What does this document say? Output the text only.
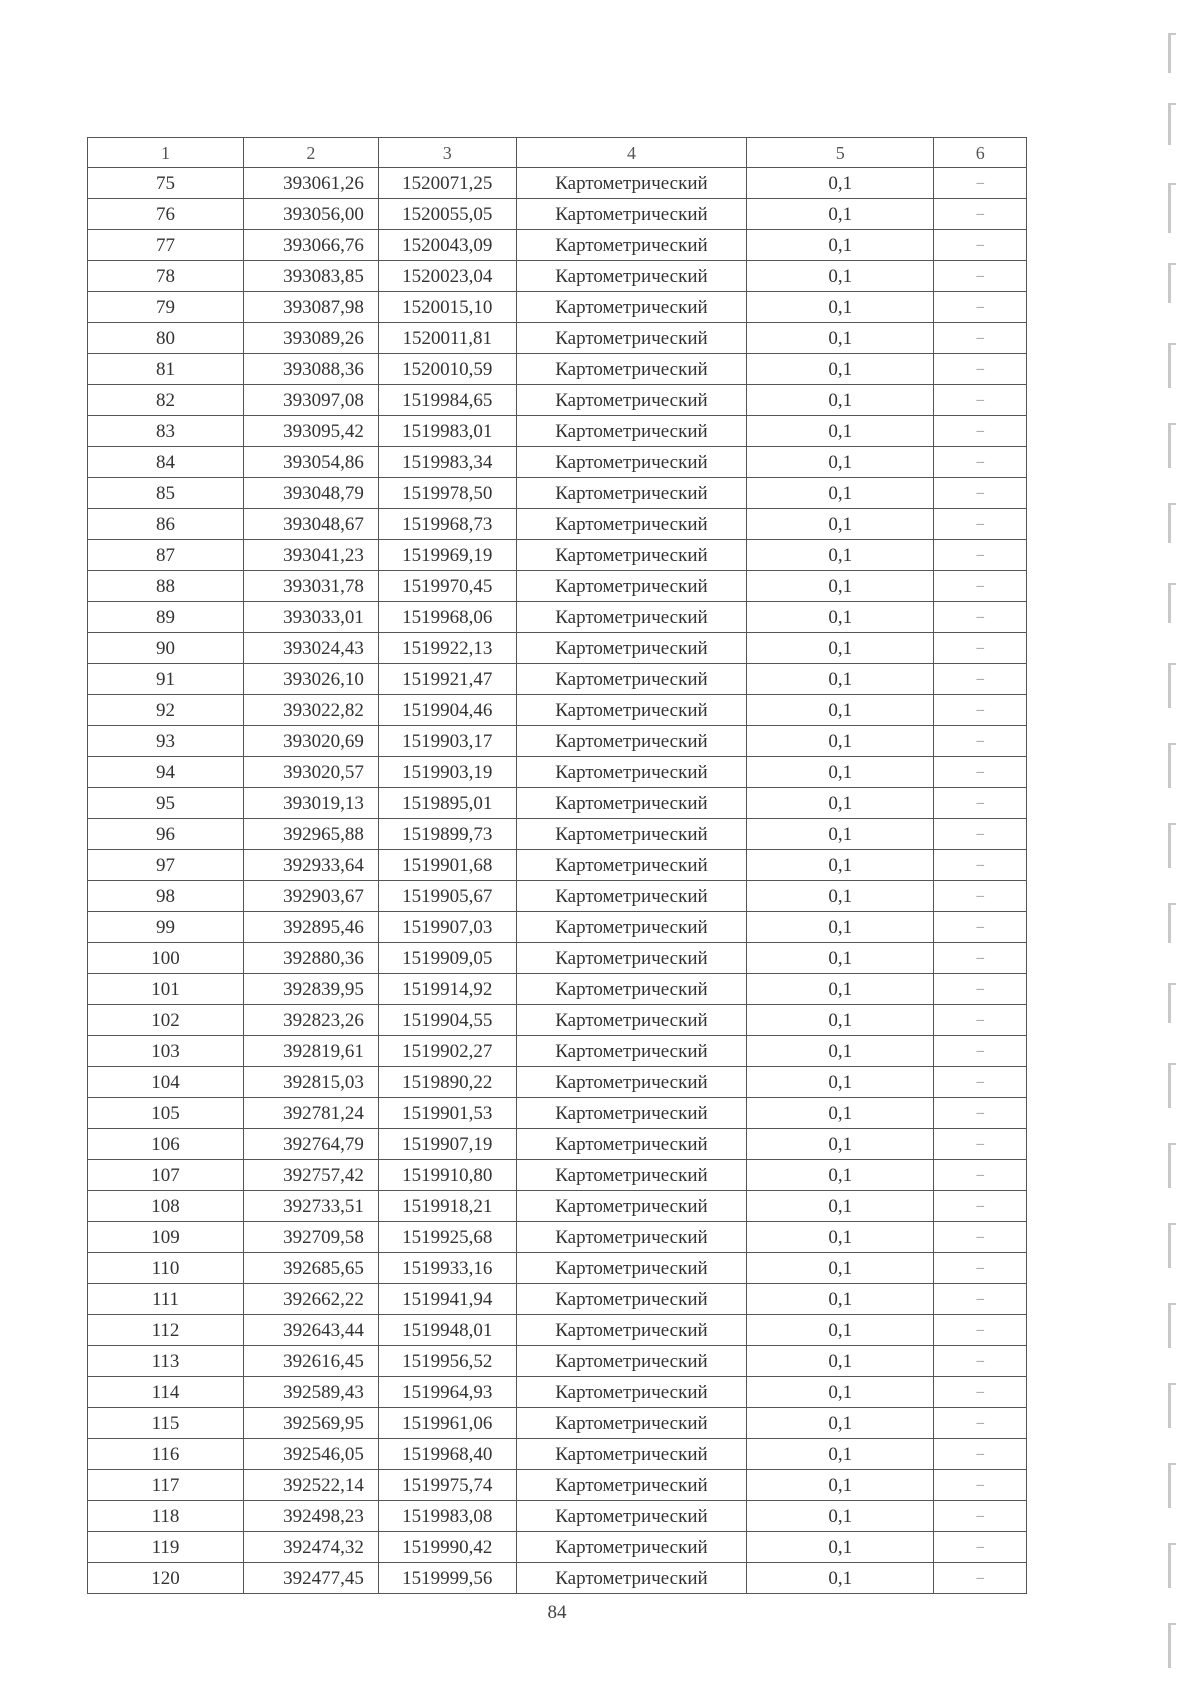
1	2	3	4	5	6
75	393061,26	1520071,25	Картометрический	0,1	–
76	393056,00	1520055,05	Картометрический	0,1	–
77	393066,76	1520043,09	Картометрический	0,1	–
78	393083,85	1520023,04	Картометрический	0,1	–
79	393087,98	1520015,10	Картометрический	0,1	–
80	393089,26	1520011,81	Картометрический	0,1	–
81	393088,36	1520010,59	Картометрический	0,1	–
82	393097,08	1519984,65	Картометрический	0,1	–
83	393095,42	1519983,01	Картометрический	0,1	–
84	393054,86	1519983,34	Картометрический	0,1	–
85	393048,79	1519978,50	Картометрический	0,1	–
86	393048,67	1519968,73	Картометрический	0,1	–
87	393041,23	1519969,19	Картометрический	0,1	–
88	393031,78	1519970,45	Картометрический	0,1	–
89	393033,01	1519968,06	Картометрический	0,1	–
90	393024,43	1519922,13	Картометрический	0,1	–
91	393026,10	1519921,47	Картометрический	0,1	–
92	393022,82	1519904,46	Картометрический	0,1	–
93	393020,69	1519903,17	Картометрический	0,1	–
94	393020,57	1519903,19	Картометрический	0,1	–
95	393019,13	1519895,01	Картометрический	0,1	–
96	392965,88	1519899,73	Картометрический	0,1	–
97	392933,64	1519901,68	Картометрический	0,1	–
98	392903,67	1519905,67	Картометрический	0,1	–
99	392895,46	1519907,03	Картометрический	0,1	–
100	392880,36	1519909,05	Картометрический	0,1	–
101	392839,95	1519914,92	Картометрический	0,1	–
102	392823,26	1519904,55	Картометрический	0,1	–
103	392819,61	1519902,27	Картометрический	0,1	–
104	392815,03	1519890,22	Картометрический	0,1	–
105	392781,24	1519901,53	Картометрический	0,1	–
106	392764,79	1519907,19	Картометрический	0,1	–
107	392757,42	1519910,80	Картометрический	0,1	–
108	392733,51	1519918,21	Картометрический	0,1	–
109	392709,58	1519925,68	Картометрический	0,1	–
110	392685,65	1519933,16	Картометрический	0,1	–
111	392662,22	1519941,94	Картометрический	0,1	–
112	392643,44	1519948,01	Картометрический	0,1	–
113	392616,45	1519956,52	Картометрический	0,1	–
114	392589,43	1519964,93	Картометрический	0,1	–
115	392569,95	1519961,06	Картометрический	0,1	–
116	392546,05	1519968,40	Картометрический	0,1	–
117	392522,14	1519975,74	Картометрический	0,1	–
118	392498,23	1519983,08	Картометрический	0,1	–
119	392474,32	1519990,42	Картометрический	0,1	–
120	392477,45	1519999,56	Картометрический	0,1	–
84
